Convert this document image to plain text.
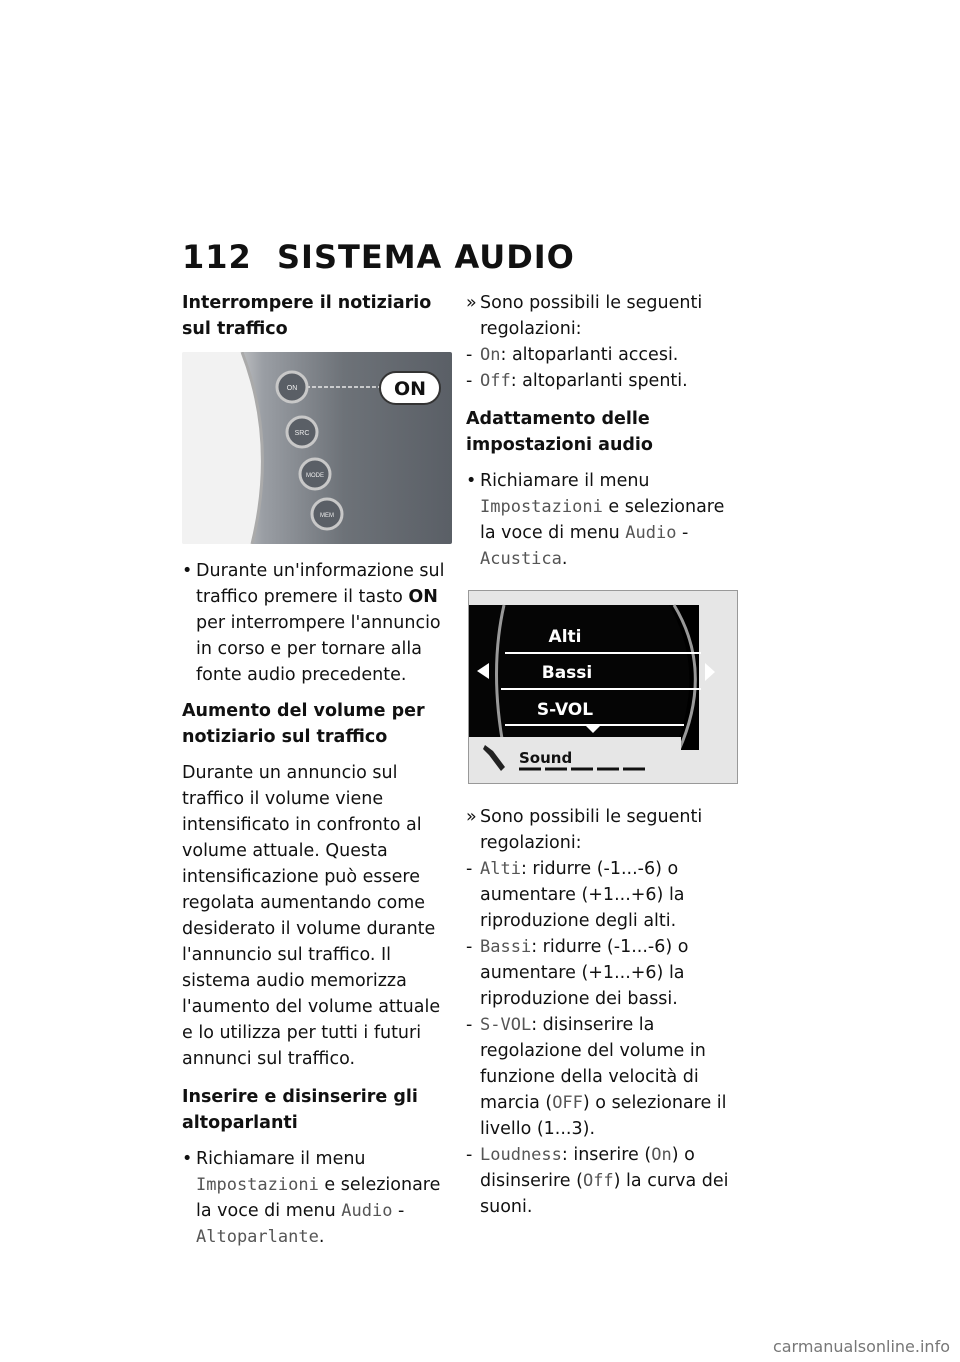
112 SISTEMA AUDIO
Interrompere il notiziario sul traffico
ON
SRC
MODE
MEM
ON
• Durante un'informazione sul traffico premere il tasto ON per interrompere l'annuncio in corso e per tornare alla fonte audio precedente.
Aumento del volume per notiziario sul traffico
Durante un annuncio sul traffico il volume viene intensificato in confronto al volume attuale. Questa intensificazione può essere regolata aumentando come desiderato il volume durante l'annuncio sul traffico. Il sistema audio memorizza l'aumento del volume attuale e lo utilizza per tutti i futuri annunci sul traffico.
Inserire e disinserire gli altoparlanti
• Richiamare il menu Impostazioni e selezionare la voce di menu Audio - Altoparlante.
» Sono possibili le seguenti regolazioni:
- On: altoparlanti accesi.
- Off: altoparlanti spenti.
Adattamento delle impostazioni audio
• Richiamare il menu Impostazioni e selezionare la voce di menu Audio - Acustica.
Alti
Bassi
S-VOL
Sound
» Sono possibili le seguenti regolazioni:
- Alti: ridurre (-1...-6) o aumentare (+1...+6) la riproduzione degli alti.
- Bassi: ridurre (-1...-6) o aumentare (+1...+6) la riproduzione dei bassi.
- S-VOL: disinserire la regolazione del volume in funzione della velocità di marcia (OFF) o selezionare il livello (1...3).
- Loudness: inserire (On) o disinserire (Off) la curva dei suoni.
carmanualsonline.info
